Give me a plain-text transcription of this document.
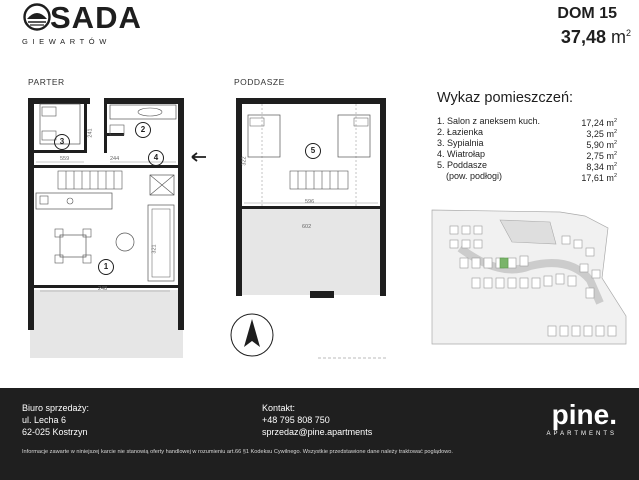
SADA
GIEWARTÓW
DOM 15
37,48 $m^2$
PARTER	PODDASZE
3
2
4
1
5
559	244
248
596
321
241
602
322
Wykaz pomieszczeń:
1. Salon z aneksem kuch.	17,24 $m^2$
2. Łazienka	3,25 $m^2$
3. Sypialnia	5,90 $m^2$
4. Wiatrołap	2,75 $m^2$
5. Poddasze	8,34 $m^2$
(pow. podłogi)	17,61 $m^2$
Biuro sprzedaży:
ul. Lecha 6
62-025 Kostrzyn
Kontakt:
+48 795 808 750
sprzedaz@pine.apartments
pine.
APARTMENTS
Informacje zawarte w niniejszej karcie nie stanowią oferty handlowej w rozumieniu art.66 §1 Kodeksu Cywilnego. Wszystkie przedstawione dane należy traktować poglądowo.
